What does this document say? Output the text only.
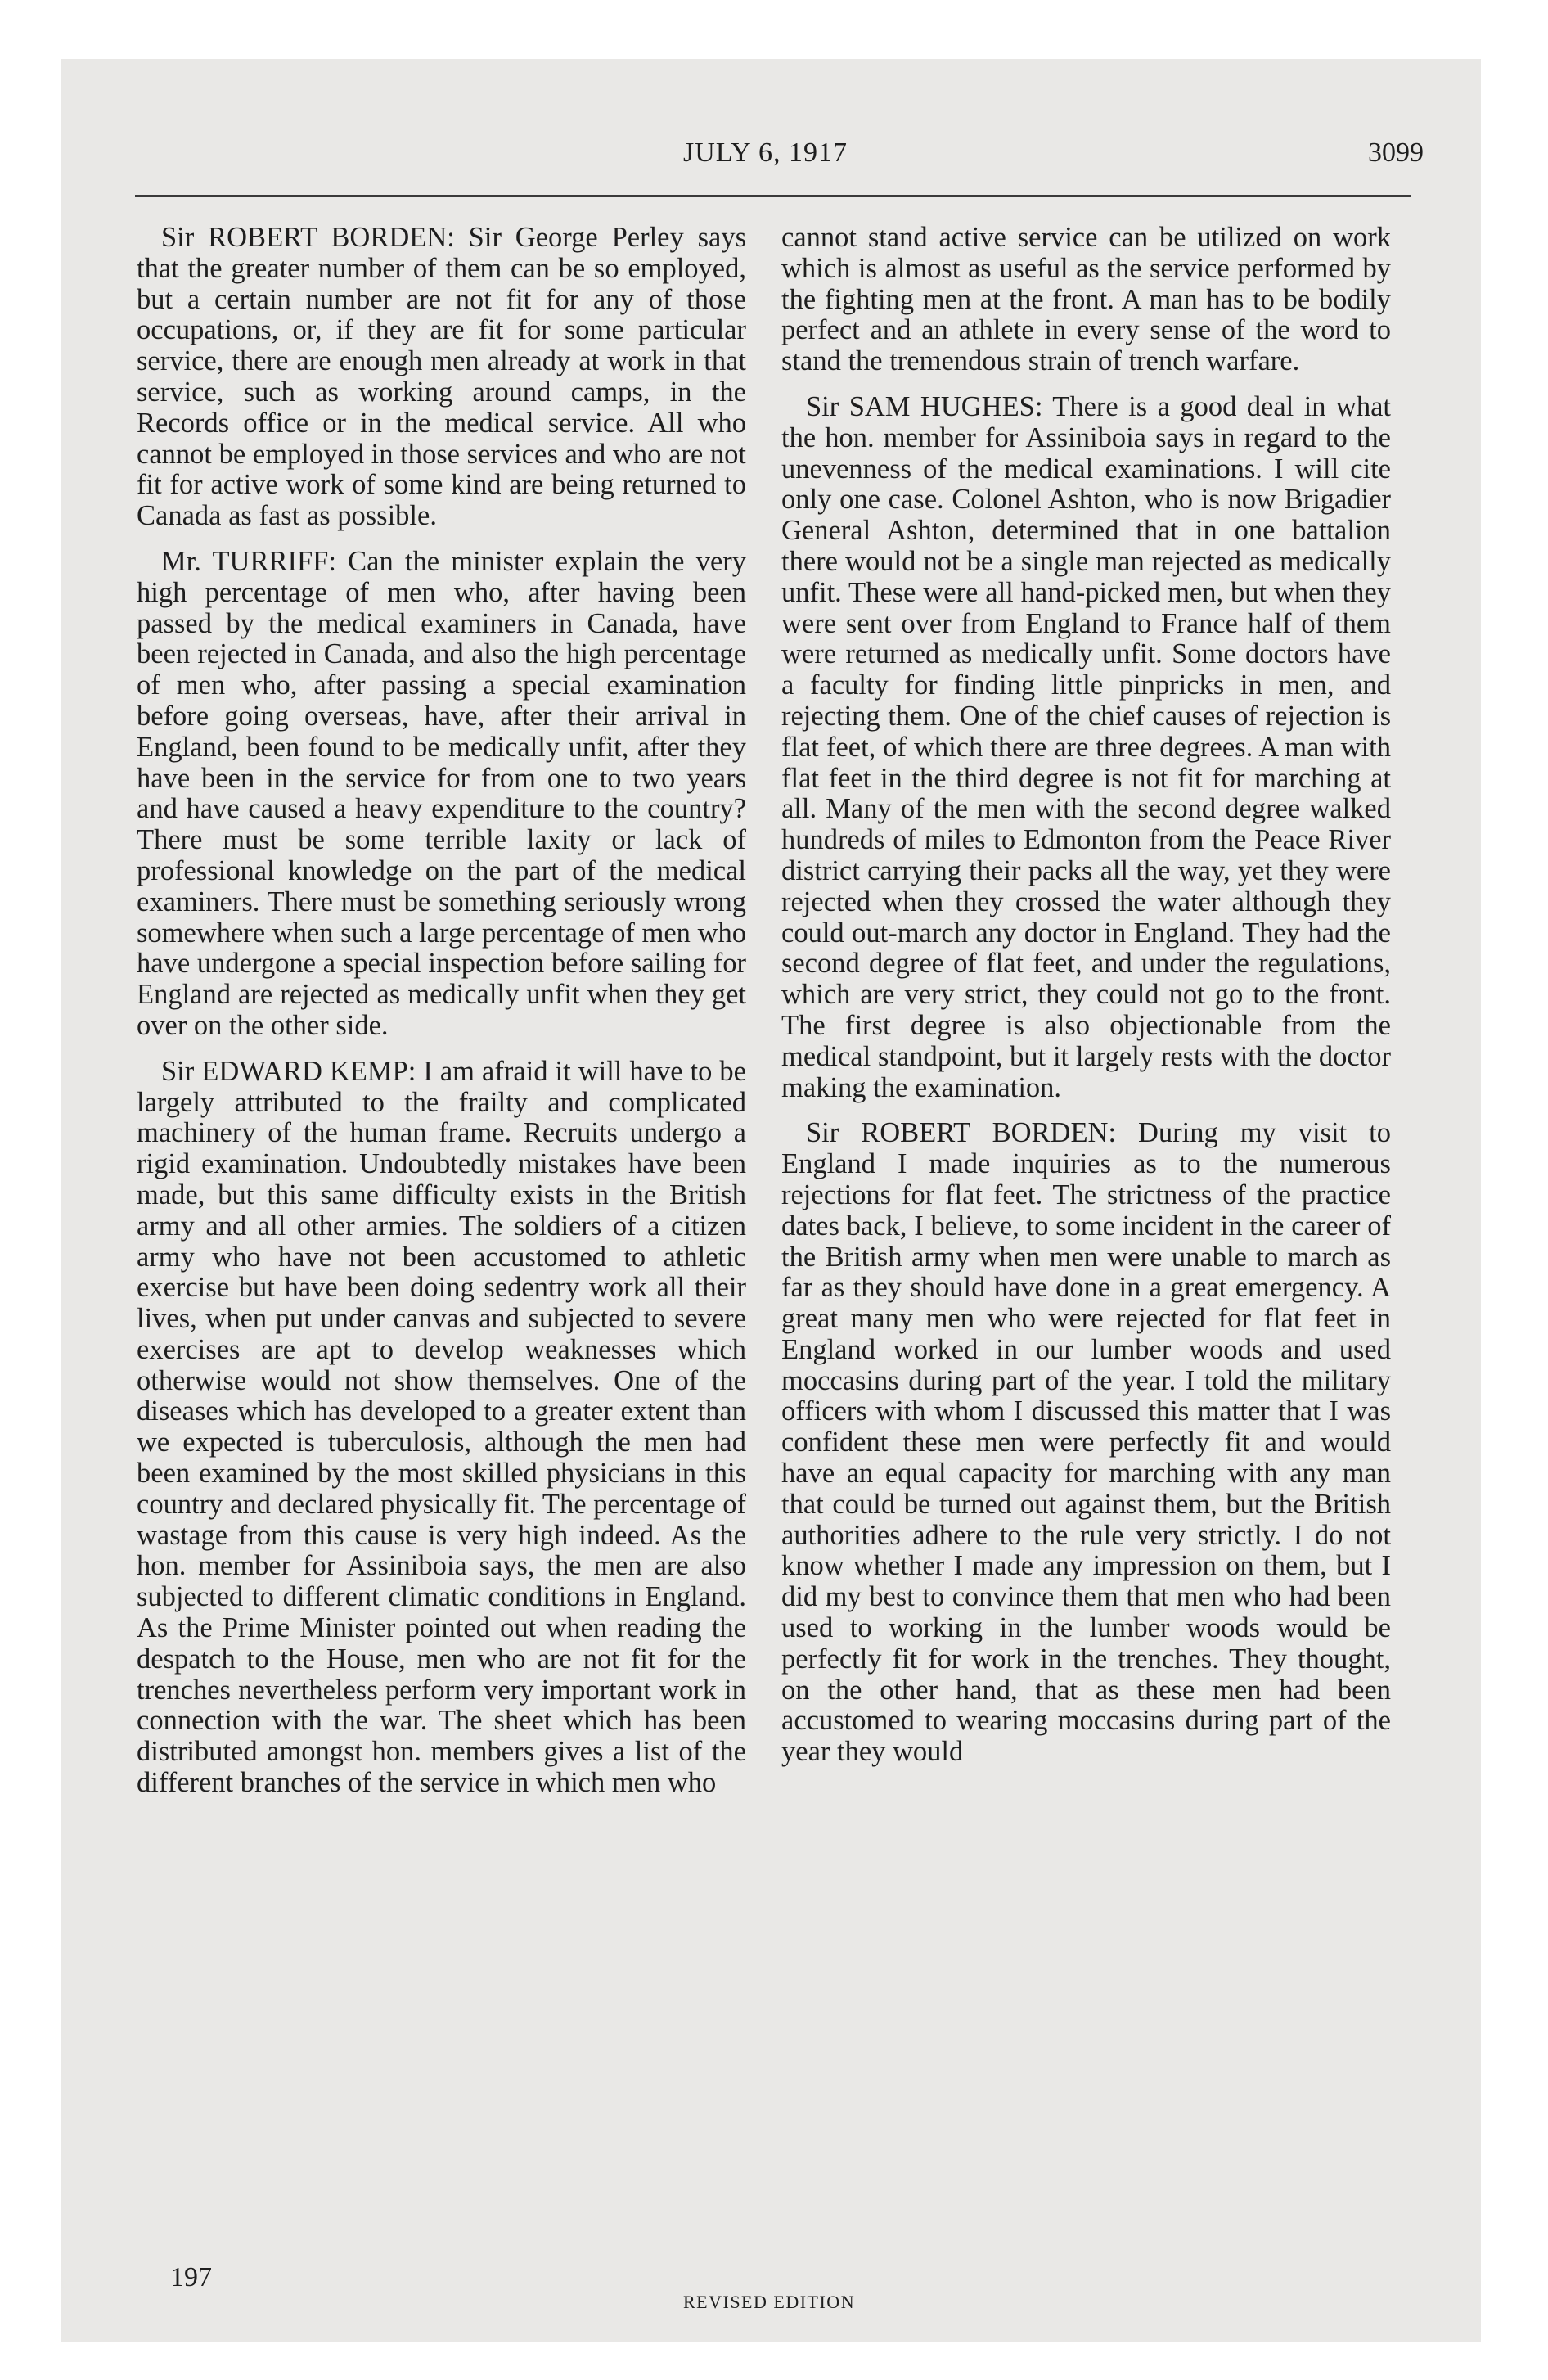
JULY 6, 1917	3099

Sir ROBERT BORDEN: Sir George Perley says that the greater number of them can be so employed, but a certain number are not fit for any of those occupations, or, if they are fit for some particular service, there are enough men already at work in that service, such as working around camps, in the Records office or in the medical service. All who cannot be employed in those services and who are not fit for active work of some kind are being returned to Canada as fast as possible.

Mr. TURRIFF: Can the minister explain the very high percentage of men who, after having been passed by the medical examiners in Canada, have been rejected in Canada, and also the high percentage of men who, after passing a special examination before going overseas, have, after their arrival in England, been found to be medically unfit, after they have been in the service for from one to two years and have caused a heavy expenditure to the country? There must be some terrible laxity or lack of professional knowledge on the part of the medical examiners. There must be something seriously wrong somewhere when such a large percentage of men who have undergone a special inspection before sailing for England are rejected as medically unfit when they get over on the other side.

Sir EDWARD KEMP: I am afraid it will have to be largely attributed to the frailty and complicated machinery of the human frame. Recruits undergo a rigid examination. Undoubtedly mistakes have been made, but this same difficulty exists in the British army and all other armies. The soldiers of a citizen army who have not been accustomed to athletic exercise but have been doing sedentry work all their lives, when put under canvas and subjected to severe exercises are apt to develop weaknesses which otherwise would not show themselves. One of the diseases which has developed to a greater extent than we expected is tuberculosis, although the men had been examined by the most skilled physicians in this country and declared physically fit. The percentage of wastage from this cause is very high indeed. As the hon. member for Assiniboia says, the men are also subjected to different climatic conditions in England. As the Prime Minister pointed out when reading the despatch to the House, men who are not fit for the trenches nevertheless perform very important work in connection with the war. The sheet which has been distributed amongst hon. members gives a list of the different branches of the service in which men who

cannot stand active service can be utilized on work which is almost as useful as the service performed by the fighting men at the front. A man has to be bodily perfect and an athlete in every sense of the word to stand the tremendous strain of trench warfare.

Sir SAM HUGHES: There is a good deal in what the hon. member for Assiniboia says in regard to the unevenness of the medical examinations. I will cite only one case. Colonel Ashton, who is now Brigadier General Ashton, determined that in one battalion there would not be a single man rejected as medically unfit. These were all hand-picked men, but when they were sent over from England to France half of them were returned as medically unfit. Some doctors have a faculty for finding little pinpricks in men, and rejecting them. One of the chief causes of rejection is flat feet, of which there are three degrees. A man with flat feet in the third degree is not fit for marching at all. Many of the men with the second degree walked hundreds of miles to Edmonton from the Peace River district carrying their packs all the way, yet they were rejected when they crossed the water although they could out-march any doctor in England. They had the second degree of flat feet, and under the regulations, which are very strict, they could not go to the front. The first degree is also objectionable from the medical standpoint, but it largely rests with the doctor making the examination.

Sir ROBERT BORDEN: During my visit to England I made inquiries as to the numerous rejections for flat feet. The strictness of the practice dates back, I believe, to some incident in the career of the British army when men were unable to march as far as they should have done in a great emergency. A great many men who were rejected for flat feet in England worked in our lumber woods and used moccasins during part of the year. I told the military officers with whom I discussed this matter that I was confident these men were perfectly fit and would have an equal capacity for marching with any man that could be turned out against them, but the British authorities adhere to the rule very strictly. I do not know whether I made any impression on them, but I did my best to convince them that men who had been used to working in the lumber woods would be perfectly fit for work in the trenches. They thought, on the other hand, that as these men had been accustomed to wearing moccasins during part of the year they would

197
REVISED EDITION
